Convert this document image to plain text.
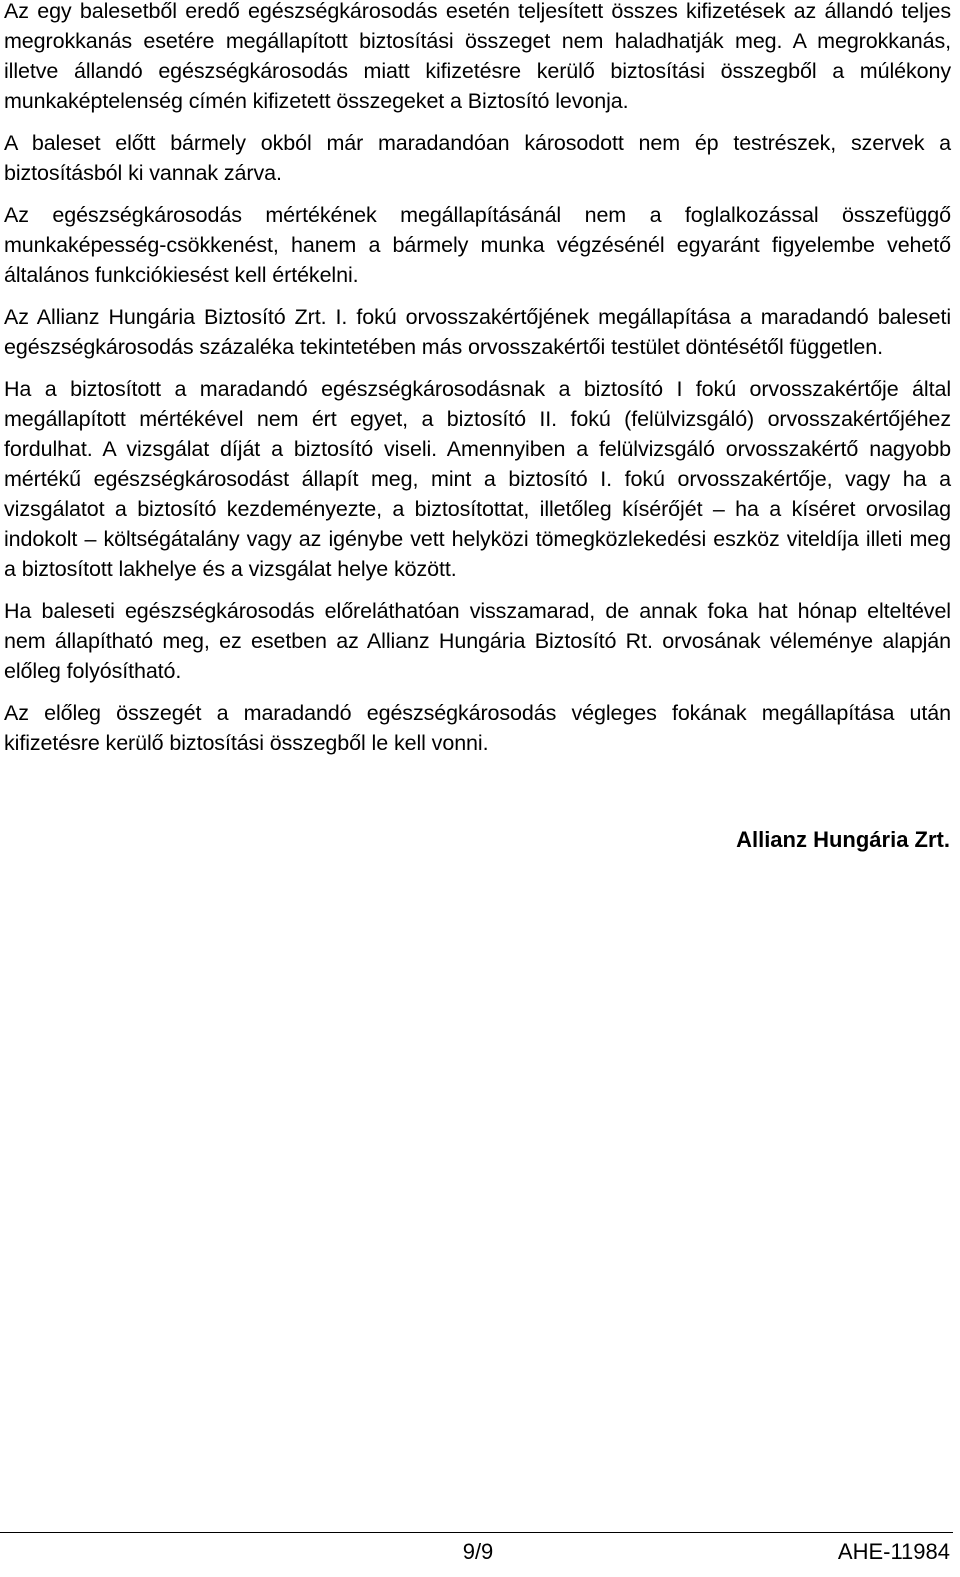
Az egy balesetből eredő egészségkárosodás esetén teljesített összes kifizetések az állandó teljes megrokkanás esetére megállapított biztosítási összeget nem haladhatják meg. A megrokkanás, illetve állandó egészségkárosodás miatt kifizetésre kerülő biztosítási összegből a múlékony munkaképtelenség címén kifizetett összegeket a Biztosító levonja.

A baleset előtt bármely okból már maradandóan károsodott nem ép testrészek, szervek a biztosításból ki vannak zárva.

Az egészségkárosodás mértékének megállapításánál nem a foglalkozással összefüggő munkaképesség-csökkenést, hanem a bármely munka végzésénél egyaránt figyelembe vehető általános funkciókiesést kell értékelni.

Az Allianz Hungária Biztosító Zrt. I. fokú orvosszakértőjének megállapítása a maradandó baleseti egészségkárosodás százaléka tekintetében más orvosszakértői testület döntésétől független.

Ha a biztosított a maradandó egészségkárosodásnak a biztosító I fokú orvosszakértője által megállapított mértékével nem ért egyet, a biztosító II. fokú (felülvizsgáló) orvosszakértőjéhez fordulhat. A vizsgálat díját a biztosító viseli. Amennyiben a felülvizsgáló orvosszakértő nagyobb mértékű egészségkárosodást állapít meg, mint a biztosító I. fokú orvosszakértője, vagy ha a vizsgálatot a biztosító kezdeményezte, a biztosítottat, illetőleg kísérőjét – ha a kíséret orvosilag indokolt – költségátalány vagy az igénybe vett helyközi tömegközlekedési eszköz viteldíja illeti meg a biztosított lakhelye és a vizsgálat helye között.

Ha baleseti egészségkárosodás előreláthatóan visszamarad, de annak foka hat hónap elteltével nem állapítható meg, ez esetben az Allianz Hungária Biztosító Rt. orvosának véleménye alapján előleg folyósítható.

Az előleg összegét a maradandó egészségkárosodás végleges fokának megállapítása után kifizetésre kerülő biztosítási összegből le kell vonni.

Allianz Hungária Zrt.
9/9	AHE-11984
